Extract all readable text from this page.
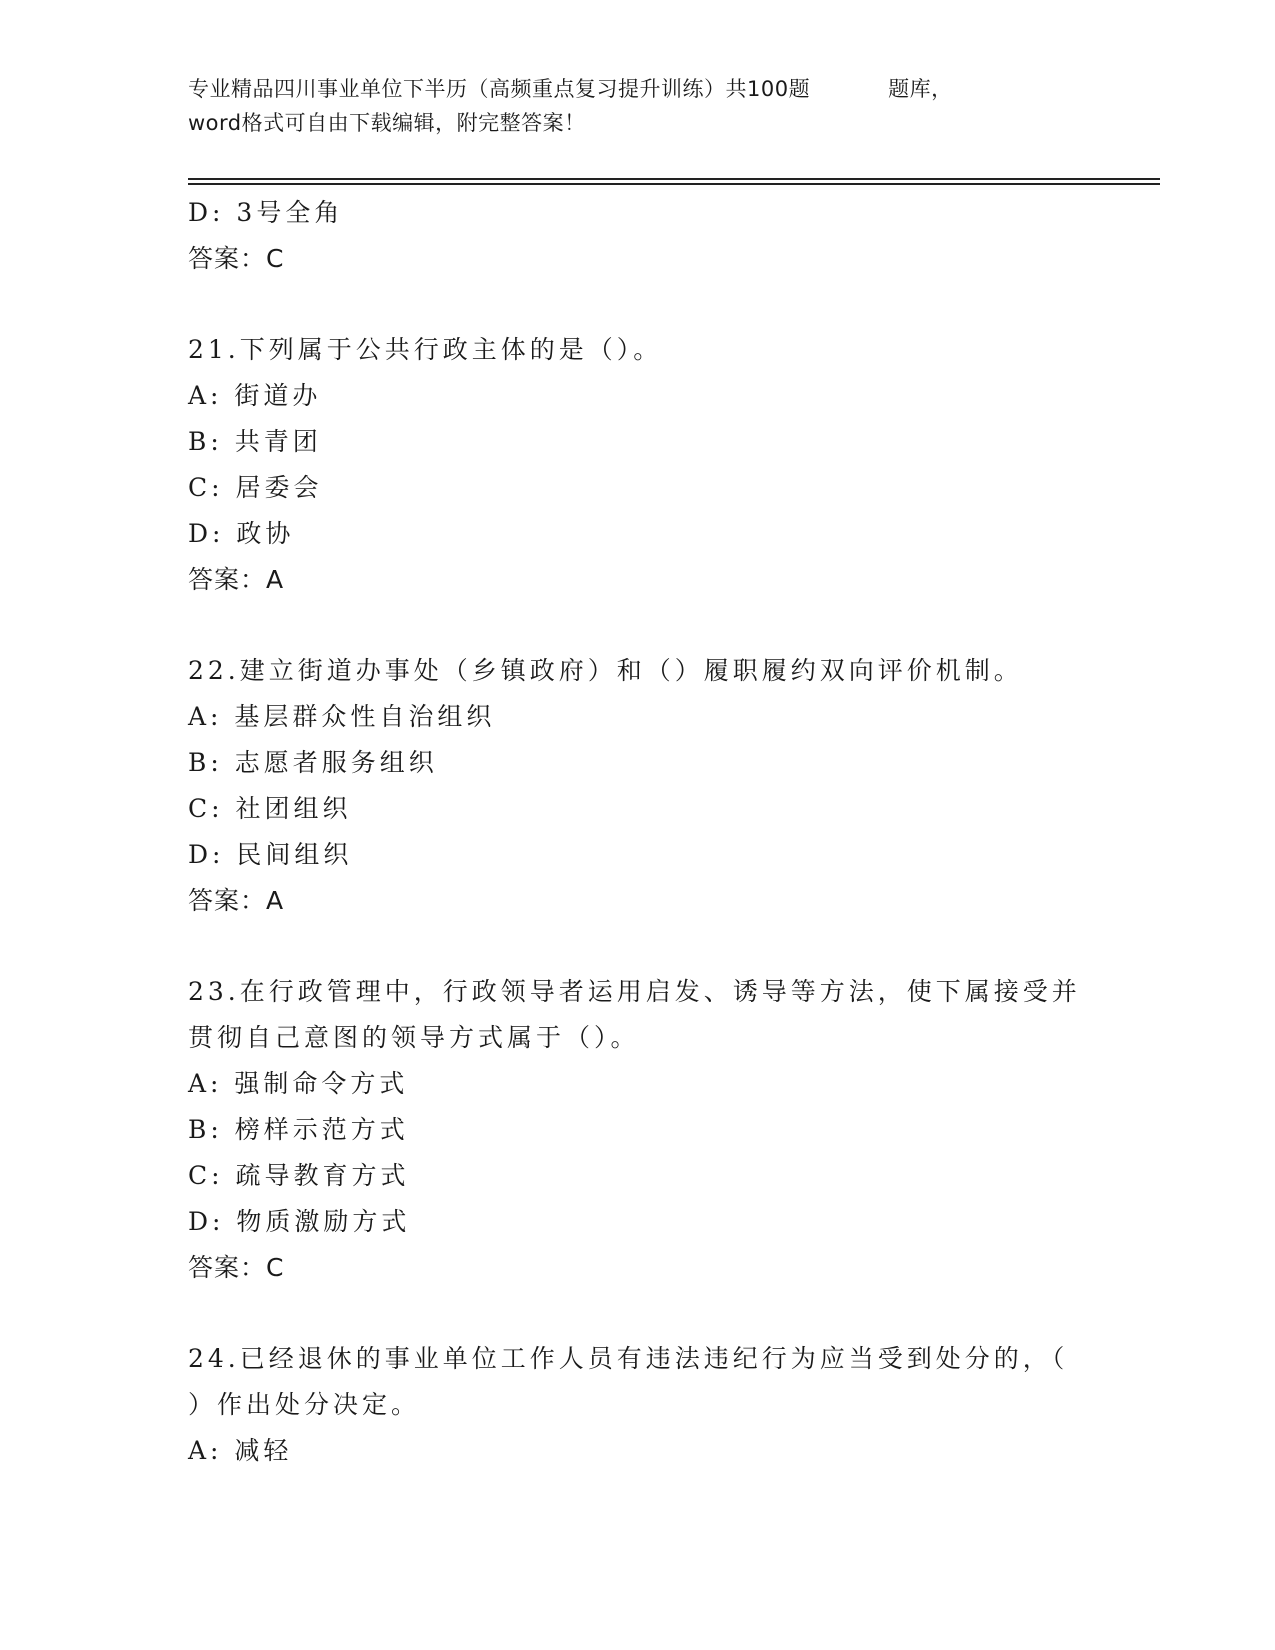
专业精品四川事业单位下半历（高频重点复习提升训练）共100题	题库，
word格式可自由下载编辑，附完整答案！
D: 3号全角
答案：C
21.下列属于公共行政主体的是（）。
A: 街道办
B: 共青团
C: 居委会
D: 政协
答案：A
22.建立街道办事处（乡镇政府）和（）履职履约双向评价机制。
A: 基层群众性自治组织
B: 志愿者服务组织
C: 社团组织
D: 民间组织
答案：A
23.在行政管理中，行政领导者运用启发、诱导等方法，使下属接受并
贯彻自己意图的领导方式属于（）。
A: 强制命令方式
B: 榜样示范方式
C: 疏导教育方式
D: 物质激励方式
答案：C
24.已经退休的事业单位工作人员有违法违纪行为应当受到处分的，（
）作出处分决定。
A: 减轻
